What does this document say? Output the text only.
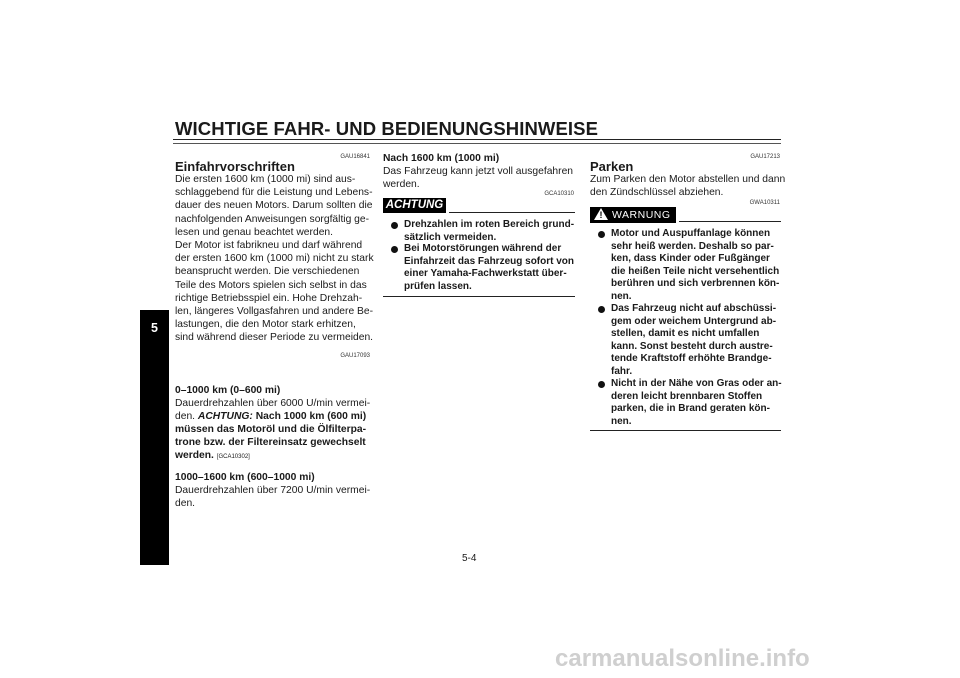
WICHTIGE FAHR- UND BEDIENUNGSHINWEISE
5
GAU16841
Einfahrvorschriften
Die ersten 1600 km (1000 mi) sind aus-
schlaggebend für die Leistung und Lebens-
dauer des neuen Motors. Darum sollten die
nachfolgenden Anweisungen sorgfältig ge-
lesen und genau beachtet werden.
Der Motor ist fabrikneu und darf während
der ersten 1600 km (1000 mi) nicht zu stark
beansprucht werden. Die verschiedenen
Teile des Motors spielen sich selbst in das
richtige Betriebsspiel ein. Hohe Drehzah-
len, längeres Vollgasfahren und andere Be-
lastungen, die den Motor stark erhitzen,
sind während dieser Periode zu vermeiden.
GAU17093
0–1000 km (0–600 mi)
Dauerdrehzahlen über 6000 U/min vermei-
den. ACHTUNG: Nach 1000 km (600 mi)
müssen das Motoröl und die Ölfilterpa-
trone bzw. der Filtereinsatz gewechselt
werden. [GCA10302]
1000–1600 km (600–1000 mi)
Dauerdrehzahlen über 7200 U/min vermei-
den.
Nach 1600 km (1000 mi)
Das Fahrzeug kann jetzt voll ausgefahren
werden.
GCA10310
ACHTUNG
Drehzahlen im roten Bereich grund-
sätzlich vermeiden.
Bei Motorstörungen während der
Einfahrzeit das Fahrzeug sofort von
einer Yamaha-Fachwerkstatt über-
prüfen lassen.
GAU17213
Parken
Zum Parken den Motor abstellen und dann
den Zündschlüssel abziehen.
GWA10311
! WARNUNG
Motor und Auspuffanlage können
sehr heiß werden. Deshalb so par-
ken, dass Kinder oder Fußgänger
die heißen Teile nicht versehentlich
berühren und sich verbrennen kön-
nen.
Das Fahrzeug nicht auf abschüssi-
gem oder weichem Untergrund ab-
stellen, damit es nicht umfallen
kann. Sonst besteht durch austre-
tende Kraftstoff erhöhte Brandge-
fahr.
Nicht in der Nähe von Gras oder an-
deren leicht brennbaren Stoffen
parken, die in Brand geraten kön-
nen.
5-4
carmanualsonline.info
